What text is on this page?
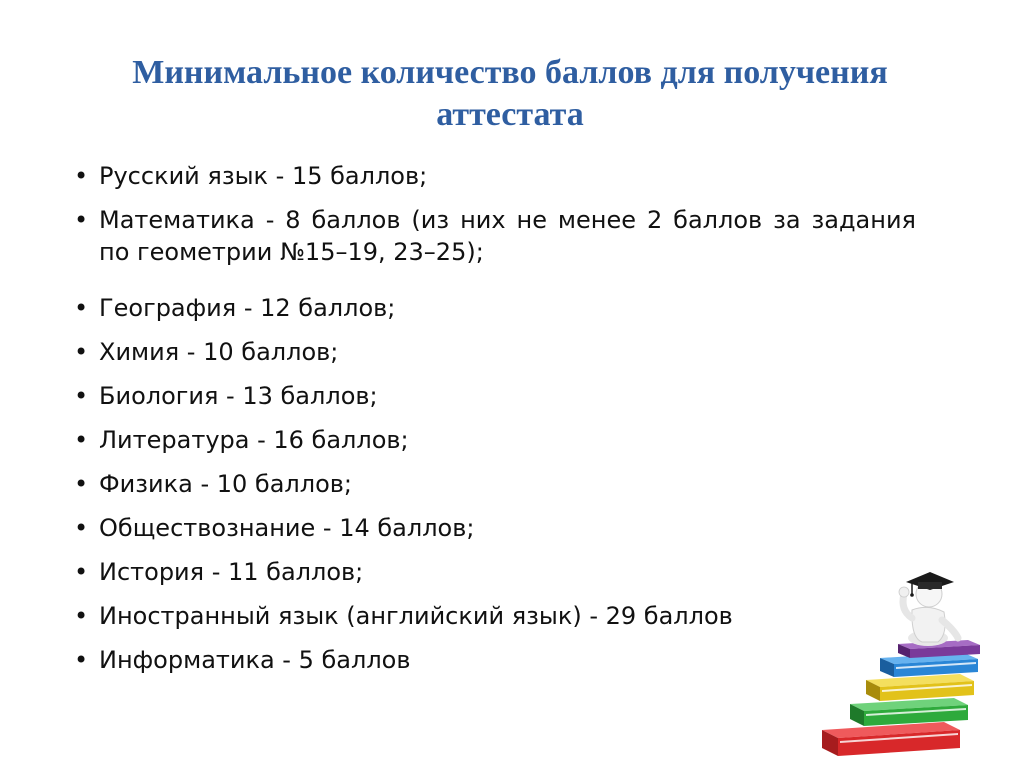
Минимальное количество баллов для получения аттестата
• Русский язык - 15 баллов;
• Математика - 8 баллов (из них не менее 2 баллов за задания по геометрии №15–19, 23–25);
• География - 12 баллов;
• Химия - 10 баллов;
• Биология - 13 баллов;
• Литература - 16 баллов;
• Физика - 10 баллов;
• Обществознание - 14 баллов;
• История - 11 баллов;
• Иностранный язык (английский язык) - 29 баллов
• Информатика - 5 баллов
